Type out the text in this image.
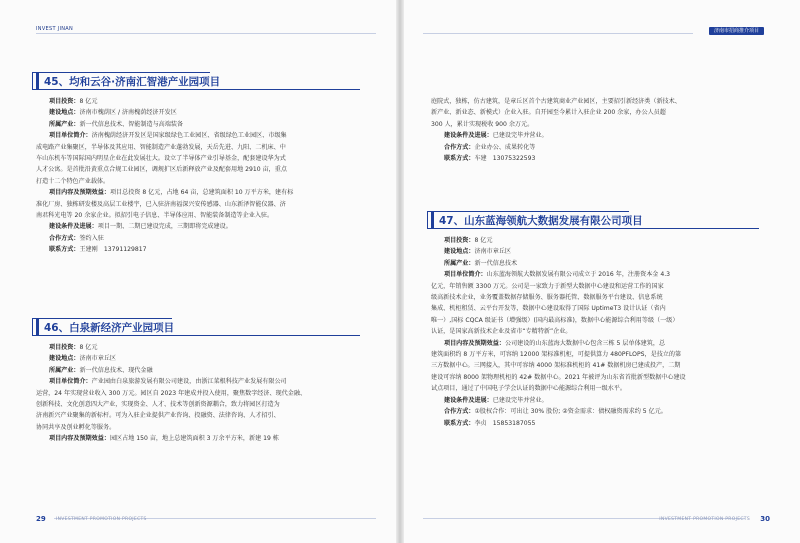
INVEST JINAN
45、均和云谷·济南汇智港产业园项目
项目投资：8 亿元
建设地点：济南市槐荫区 / 济南槐荫经济开发区
所属产业：新一代信息技术、智能制造与高端装备
项目单位简介：济南槐荫经济开发区是国家级绿色工业园区、省级绿色工业园区、市级集
成电路产业集聚区，半导体及其应用、智能制造产业蓬勃发展，天岳先进、九阳、二机床、中
车山东机车等国际国内明星企业在此发展壮大。设立了半导体产业引导基金，配套建设华为式
人才公寓。是首批沿黄重点合规工业园区，调规扩区后新释放产业及配套用地 2910 亩，重点
打造十二个特色产业载体。
项目内容及预期效益：项目总投资 8 亿元，占地 64 亩，总建筑面积 10 万平方米，建有标
准化厂房、独栋研发楼及高层工业楼宇，已入驻济南福深兴安传感器、山东新泽智能仪器、济
南君科光电等 20 余家企业。拟招引电子信息、半导体应用、智能装备制造等企业入驻。
建设条件及进展：项目一期、二期已建设完成，三期即将完成建设。
合作方式：签约入驻
联系方式：王建刚　13791129817
46、白泉新经济产业园项目
项目投资：8 亿元
建设地点：济南市章丘区
所属产业：新一代信息技术、现代金融
项目单位简介：产业园由白泉旅游发展有限公司建设，由浙江菜根科技产业发展有限公司
运营，24 年实现营业收入 300 万元。园区自 2023 年建成并投入使用，聚焦数字经济、现代金融、
创新科技、文化创意四大产业，实现资金、人才、技术等创新资源耦合，致力将园区打造为
济南新兴产业聚集的新标杆。可为入驻企业提供产业咨询、投融资、法律咨询、人才招引、
协同共享及创业孵化等服务。
项目内容及预期效益：园区占地 150 亩，地上总建筑面积 3 万余平方米，新建 19 栋
29 INVESTMENT PROMOTION PROJECTS
济南市招商推介项目
庭院式，独栋，仿古建筑，是章丘区首个古建筑商业产业园区，主要招引新经济类（新技术、
新产业、新业态、新模式）企业入驻。自开园至今累计入驻企业 200 余家，办公人员超
300 人，累计实现税收 900 余万元。
建设条件及进展：已建设完毕并营业。
合作方式：企业办公、成果转化等
联系方式：车建　13075322593
47、山东蓝海领航大数据发展有限公司项目
项目投资：8 亿元
建设地点：济南市章丘区
所属产业：新一代信息技术
项目单位简介：山东蓝海领航大数据发展有限公司成立于 2016 年，注册资本金 4.3
亿元，年销售额 3300 万元。公司是一家致力于新型大数据中心建设和运营工作的国家
级高新技术企业，业务覆盖数据存储服务、服务器托管、数据服务平台建设、信息系统
集成、机柜租赁、云平台开发等，数据中心建设取得了国际 UptimeT3 设计认证（省内
唯一）,国标 CQCA 级证书（增强级）(国内最高标准)，数据中心能源综合利用等级（一级）
认证，是国家高新技术企业及省市“专精特新”企业。
项目内容及预期效益：公司建设的山东蓝海大数据中心包含三栋 5 层单体建筑，总
建筑面积约 8 万平方米，可容纳 12000 架标准机柜，可提供算力 480PFLOPS，是技立的第
三方数据中心。三网接入，其中可容纳 4000 架标准机柜的 41# 数据机房已建成投产，二期
建设可容纳 8000 架物理机柜的 42# 数据中心。2021 年被评为山东省首批新型数据中心建设
试点项目，通过了中国电子学会认证的数据中心能源综合利用一级水平。
建设条件及进展：已建设完毕并营业。
合作方式：①股权合作：可出让 30% 股份; ②资金需求：债权融资需求约 5 亿元。
联系方式：李贞　15853187055
INVESTMENT PROMOTION PROJECTS 30
